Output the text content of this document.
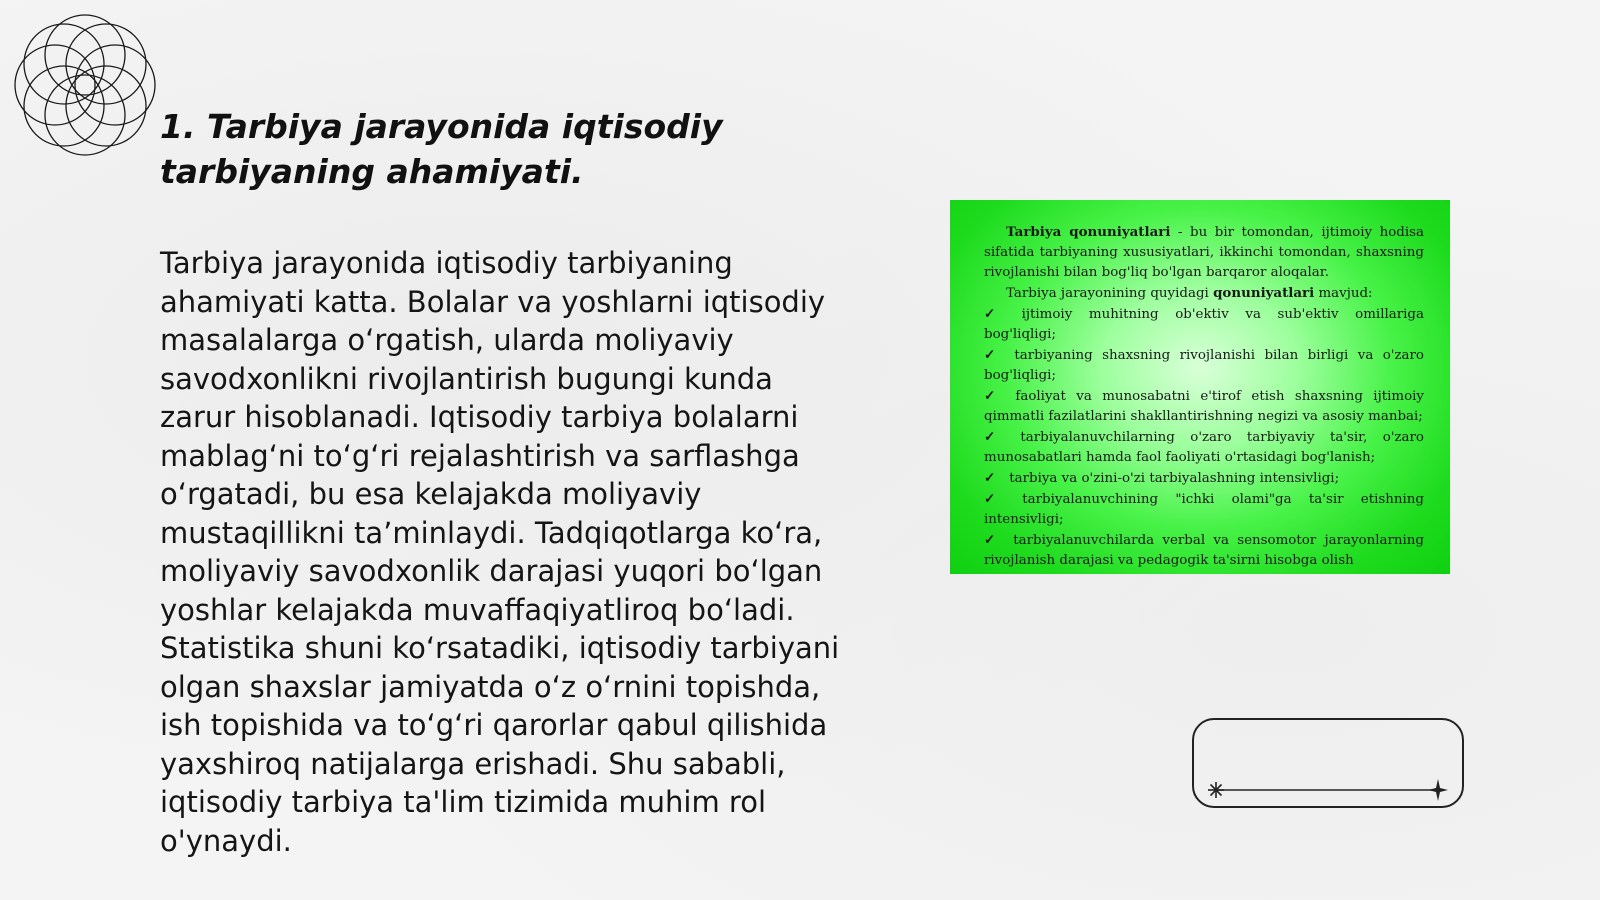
1. Tarbiya jarayonida iqtisodiy tarbiyaning ahamiyati.

Tarbiya jarayonida iqtisodiy tarbiyaning ahamiyati katta. Bolalar va yoshlarni iqtisodiy masalalarga oʻrgatish, ularda moliyaviy savodxonlikni rivojlantirish bugungi kunda zarur hisoblanadi. Iqtisodiy tarbiya bolalarni mablagʻni toʻgʻri rejalashtirish va sarflashga oʻrgatadi, bu esa kelajakda moliyaviy mustaqillikni taʼminlaydi. Tadqiqotlarga koʻra, moliyaviy savodxonlik darajasi yuqori boʻlgan yoshlar kelajakda muvaffaqiyatliroq boʻladi. Statistika shuni koʻrsatadiki, iqtisodiy tarbiyani olgan shaxslar jamiyatda oʻz oʻrnini topishda, ish topishida va toʻgʻri qarorlar qabul qilishida yaxshiroq natijalarga erishadi. Shu sababli, iqtisodiy tarbiya ta'lim tizimida muhim rol o'ynaydi.

Tarbiya qonuniyatlari - bu bir tomondan, ijtimoiy hodisa sifatida tarbiyaning xususiyatlari, ikkinchi tomondan, shaxsning rivojlanishi bilan bog'liq bo'lgan barqaror aloqalar.

Tarbiya jarayonining quyidagi qonuniyatlari mavjud:

✓ ijtimoiy muhitning ob'ektiv va sub'ektiv omillariga bog'liqligi;
✓ tarbiyaning shaxsning rivojlanishi bilan birligi va o'zaro bog'liqligi;
✓ faoliyat va munosabatni e'tirof etish shaxsning ijtimoiy qimmatli fazilatlarini shakllantirishning negizi va asosiy manbai;
✓ tarbiyalanuvchilarning o'zaro tarbiyaviy ta'sir, o'zaro munosabatlari hamda faol faoliyati o'rtasidagi bog'lanish;
✓ tarbiya va o'zini-o'zi tarbiyalashning intensivligi;
✓ tarbiyalanuvchining "ichki olami"ga ta'sir etishning intensivligi;
✓ tarbiyalanuvchilarda verbal va sensomotor jarayonlarning rivojlanish darajasi va pedagogik ta'sirni hisobga olish
